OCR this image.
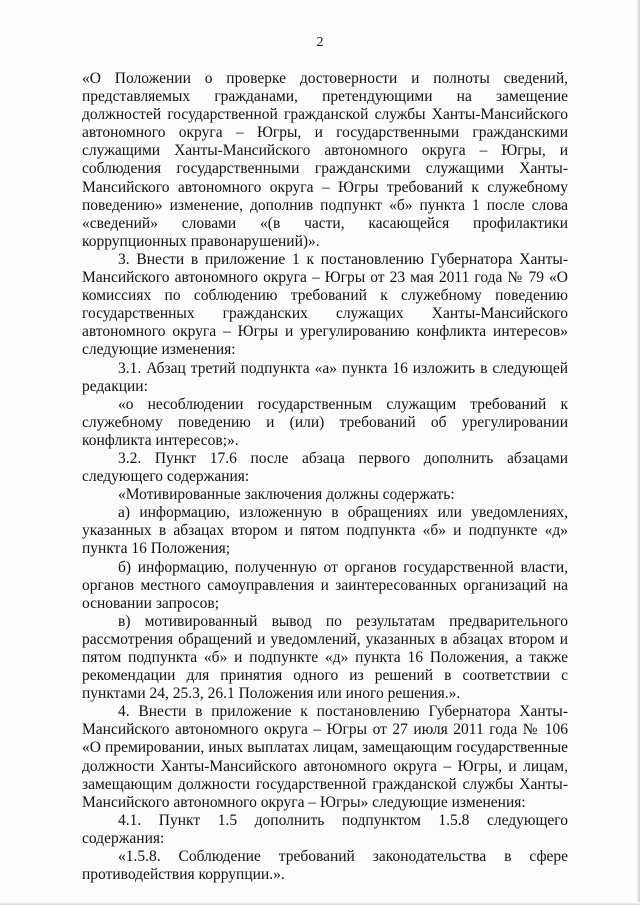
2

«О Положении о проверке достоверности и полноты сведений, представляемых гражданами, претендующими на замещение должностей государственной гражданской службы Ханты-Мансийского автономного округа – Югры, и государственными гражданскими служащими Ханты-Мансийского автономного округа – Югры, и соблюдения государственными гражданскими служащими Ханты-Мансийского автономного округа – Югры требований к служебному поведению» изменение, дополнив подпункт «б» пункта 1 после слова «сведений» словами «(в части, касающейся профилактики коррупционных правонарушений)».

3. Внести в приложение 1 к постановлению Губернатора Ханты-Мансийского автономного округа – Югры от 23 мая 2011 года № 79 «О комиссиях по соблюдению требований к служебному поведению государственных гражданских служащих Ханты-Мансийского автономного округа – Югры и урегулированию конфликта интересов» следующие изменения:

3.1. Абзац третий подпункта «а» пункта 16 изложить в следующей редакции:

«о несоблюдении государственным служащим требований к служебному поведению и (или) требований об урегулировании конфликта интересов;».

3.2. Пункт 17.6 после абзаца первого дополнить абзацами следующего содержания:

«Мотивированные заключения должны содержать:

а) информацию, изложенную в обращениях или уведомлениях, указанных в абзацах втором и пятом подпункта «б» и подпункте «д» пункта 16 Положения;

б) информацию, полученную от органов государственной власти, органов местного самоуправления и заинтересованных организаций на основании запросов;

в) мотивированный вывод по результатам предварительного рассмотрения обращений и уведомлений, указанных в абзацах втором и пятом подпункта «б» и подпункте «д» пункта 16 Положения, а также рекомендации для принятия одного из решений в соответствии с пунктами 24, 25.3, 26.1 Положения или иного решения.».

4. Внести в приложение к постановлению Губернатора Ханты-Мансийского автономного округа – Югры от 27 июля 2011 года № 106 «О премировании, иных выплатах лицам, замещающим государственные должности Ханты-Мансийского автономного округа – Югры, и лицам, замещающим должности государственной гражданской службы Ханты-Мансийского автономного округа – Югры» следующие изменения:

4.1. Пункт 1.5 дополнить подпунктом 1.5.8 следующего содержания:

«1.5.8. Соблюдение требований законодательства в сфере противодействия коррупции.».
